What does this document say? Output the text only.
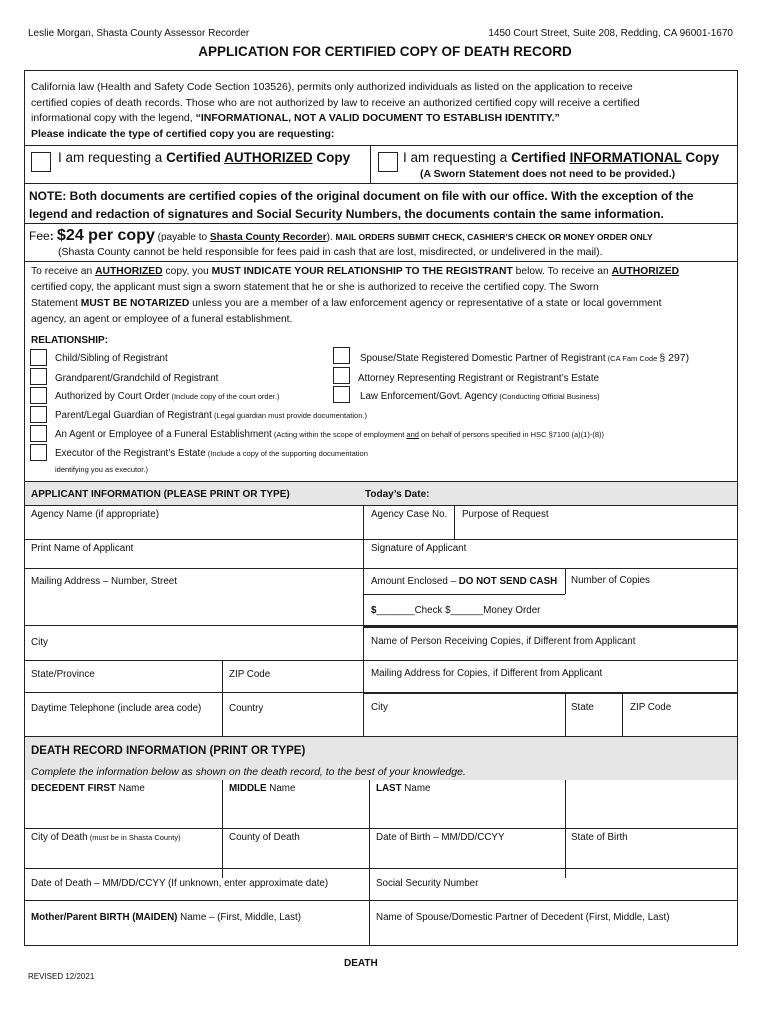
Leslie Morgan, Shasta County Assessor Recorder	1450 Court Street, Suite 208, Redding, CA 96001-1670
APPLICATION FOR CERTIFIED COPY OF DEATH RECORD
California law (Health and Safety Code Section 103526), permits only authorized individuals as listed on the application to receive
certified copies of death records. Those who are not authorized by law to receive an authorized certified copy will receive a certified
informational copy with the legend, “INFORMATIONAL, NOT A VALID DOCUMENT TO ESTABLISH IDENTITY.”
Please indicate the type of certified copy you are requesting:
I am requesting a Certified AUTHORIZED Copy	I am requesting a Certified INFORMATIONAL Copy
(A Sworn Statement does not need to be provided.)
NOTE: Both documents are certified copies of the original document on file with our office. With the exception of the
legend and redaction of signatures and Social Security Numbers, the documents contain the same information.
Fee: $24 per copy (payable to Shasta County Recorder). MAIL ORDERS SUBMIT CHECK, CASHIER’S CHECK OR MONEY ORDER ONLY
(Shasta County cannot be held responsible for fees paid in cash that are lost, misdirected, or undelivered in the mail).
To receive an AUTHORIZED copy, you MUST INDICATE YOUR RELATIONSHIP TO THE REGISTRANT below. To receive an AUTHORIZED
certified copy, the applicant must sign a sworn statement that he or she is authorized to receive the certified copy. The Sworn
Statement MUST BE NOTARIZED unless you are a member of a law enforcement agency or representative of a state or local government
agency, an agent or employee of a funeral establishment.
RELATIONSHIP:
Child/Sibling of Registrant	Spouse/State Registered Domestic Partner of Registrant (CA Fam Code § 297)
Grandparent/Grandchild of Registrant	Attorney Representing Registrant or Registrant’s Estate
Authorized by Court Order (Include copy of the court order.)	Law Enforcement/Govt. Agency (Conducting Official Business)
Parent/Legal Guardian of Registrant (Legal guardian must provide documentation.)
An Agent or Employee of a Funeral Establishment (Acting within the scope of employment and on behalf of persons specified in HSC §7100 (a)(1)-(8))
Executor of the Registrant’s Estate (Include a copy of the supporting documentation
identifying you as executor.)
APPLICANT INFORMATION (PLEASE PRINT OR TYPE)	Today’s Date:
Agency Name (if appropriate)	Agency Case No. Purpose of Request
Print Name of Applicant	Signature of Applicant
Mailing Address – Number, Street	Amount Enclosed – DO NOT SEND CASH Number of Copies
$_______Check $______Money Order
City	Name of Person Receiving Copies, if Different from Applicant
State/Province	ZIP Code	Mailing Address for Copies, if Different from Applicant
Daytime Telephone (include area code)	Country	City	State	ZIP Code
DEATH RECORD INFORMATION (PRINT OR TYPE)
Complete the information below as shown on the death record, to the best of your knowledge.
DECEDENT FIRST Name	MIDDLE Name	LAST Name
City of Death (must be in Shasta County)	County of Death	Date of Birth – MM/DD/CCYY	State of Birth
Date of Death – MM/DD/CCYY (If unknown, enter approximate date)	Social Security Number
Mother/Parent BIRTH (MAIDEN) Name – (First, Middle, Last)	Name of Spouse/Domestic Partner of Decedent (First, Middle, Last)
DEATH
REVISED 12/2021
